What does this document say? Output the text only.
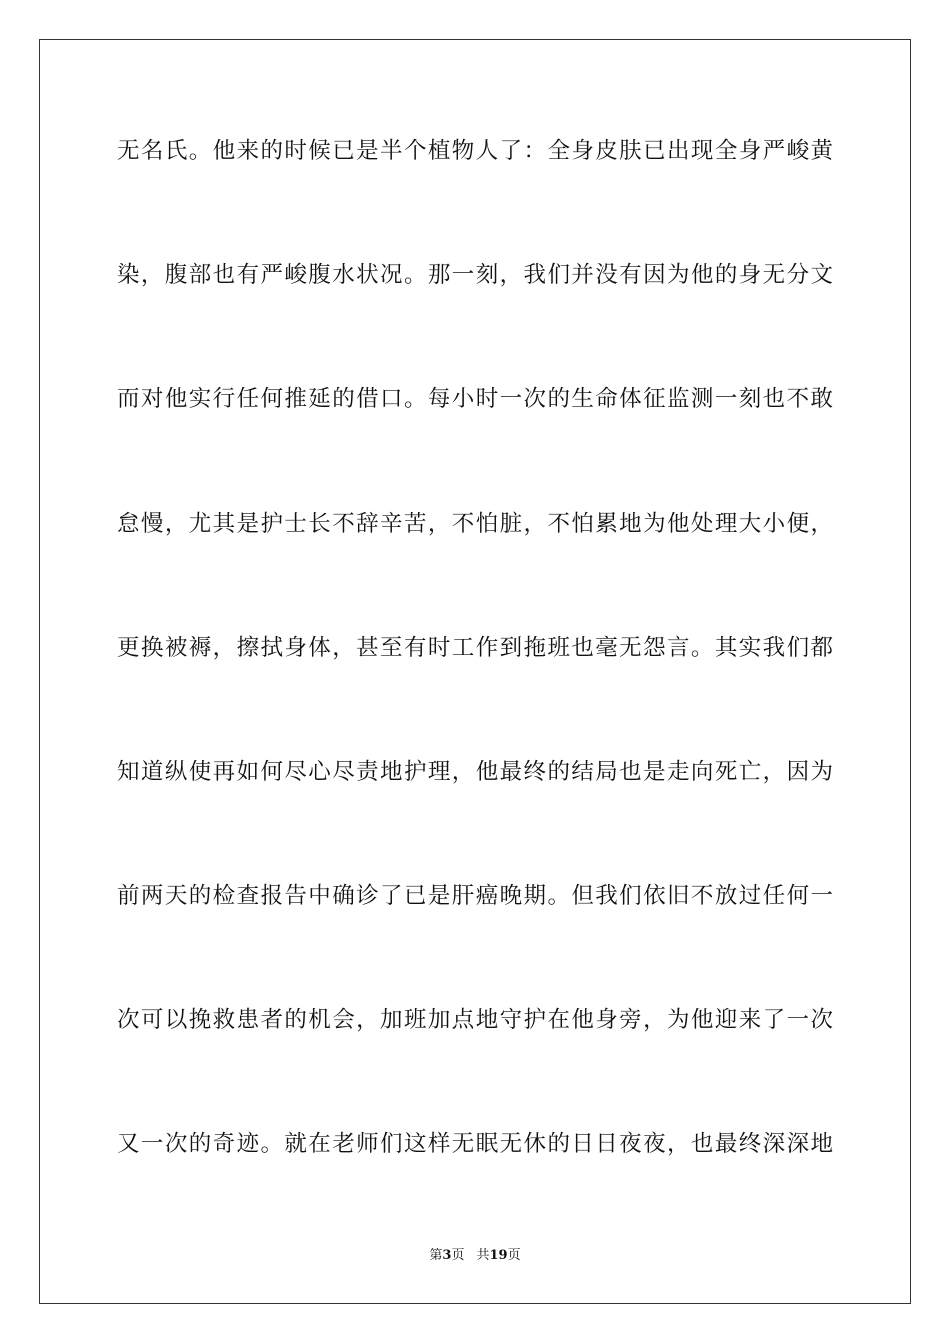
无名氏。他来的时候已是半个植物人了：全身皮肤已出现全身严峻黄
染，腹部也有严峻腹水状况。那一刻，我们并没有因为他的身无分文
而对他实行任何推延的借口。每小时一次的生命体征监测一刻也不敢
怠慢，尤其是护士长不辞辛苦，不怕脏，不怕累地为他处理大小便，
更换被褥，擦拭身体，甚至有时工作到拖班也毫无怨言。其实我们都
知道纵使再如何尽心尽责地护理，他最终的结局也是走向死亡，因为
前两天的检查报告中确诊了已是肝癌晚期。但我们依旧不放过任何一
次可以挽救患者的机会，加班加点地守护在他身旁，为他迎来了一次
又一次的奇迹。就在老师们这样无眠无休的日日夜夜，也最终深深地
第3页 共19页
